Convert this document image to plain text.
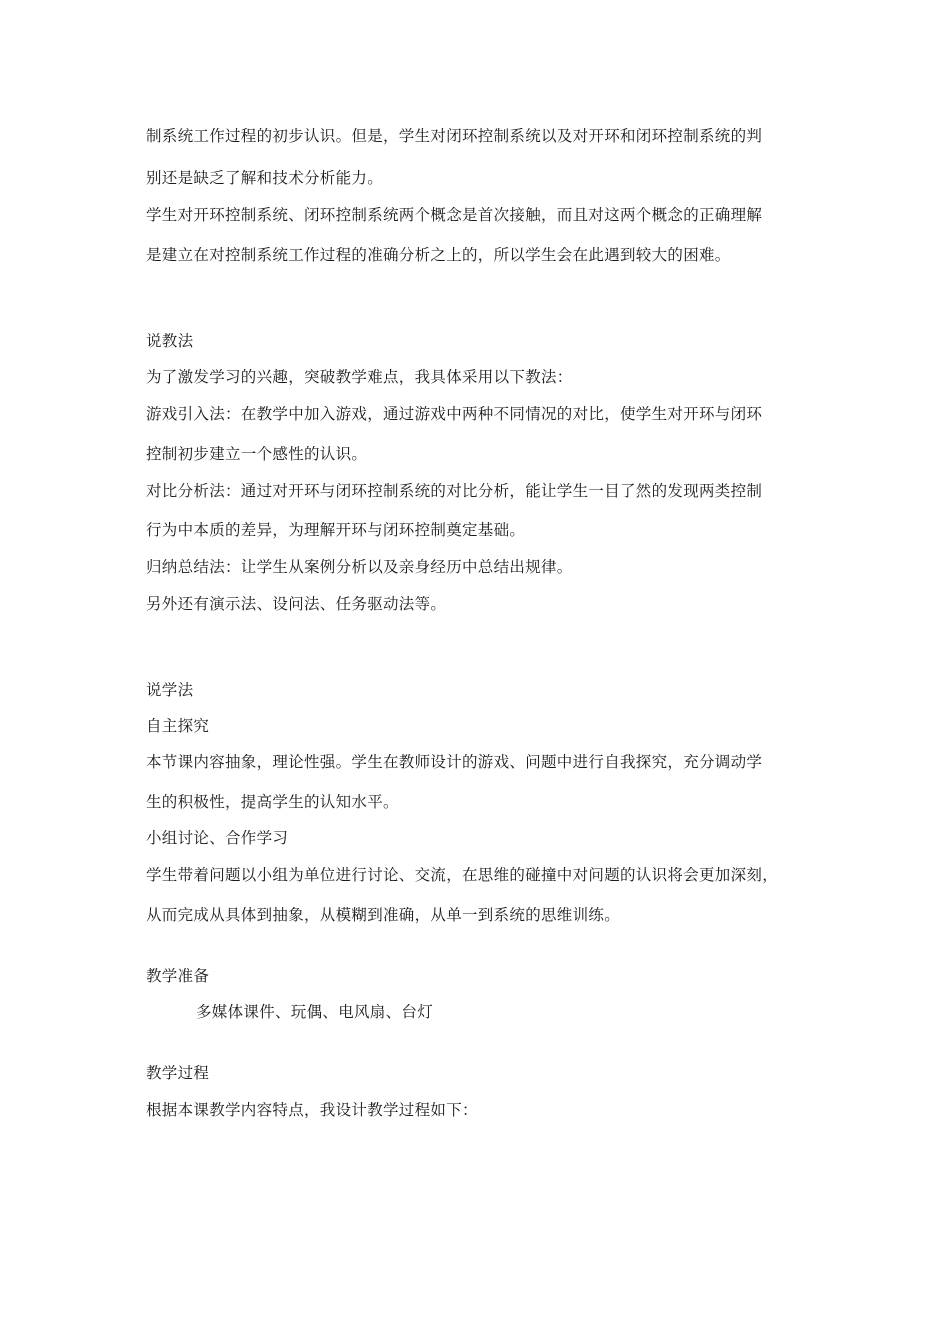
制系统工作过程的初步认识。但是，学生对闭环控制系统以及对开环和闭环控制系统的判
别还是缺乏了解和技术分析能力。
学生对开环控制系统、闭环控制系统两个概念是首次接触，而且对这两个概念的正确理解
是建立在对控制系统工作过程的准确分析之上的，所以学生会在此遇到较大的困难。
说教法
为了激发学习的兴趣，突破教学难点，我具体采用以下教法：
游戏引入法：在教学中加入游戏，通过游戏中两种不同情况的对比，使学生对开环与闭环
控制初步建立一个感性的认识。
对比分析法：通过对开环与闭环控制系统的对比分析，能让学生一目了然的发现两类控制
行为中本质的差异，为理解开环与闭环控制奠定基础。
归纳总结法：让学生从案例分析以及亲身经历中总结出规律。
另外还有演示法、设问法、任务驱动法等。
说学法
自主探究
本节课内容抽象，理论性强。学生在教师设计的游戏、问题中进行自我探究，充分调动学
生的积极性，提高学生的认知水平。
小组讨论、合作学习
学生带着问题以小组为单位进行讨论、交流，在思维的碰撞中对问题的认识将会更加深刻，
从而完成从具体到抽象，从模糊到准确，从单一到系统的思维训练。
教学准备
多媒体课件、玩偶、电风扇、台灯
教学过程
根据本课教学内容特点，我设计教学过程如下：
